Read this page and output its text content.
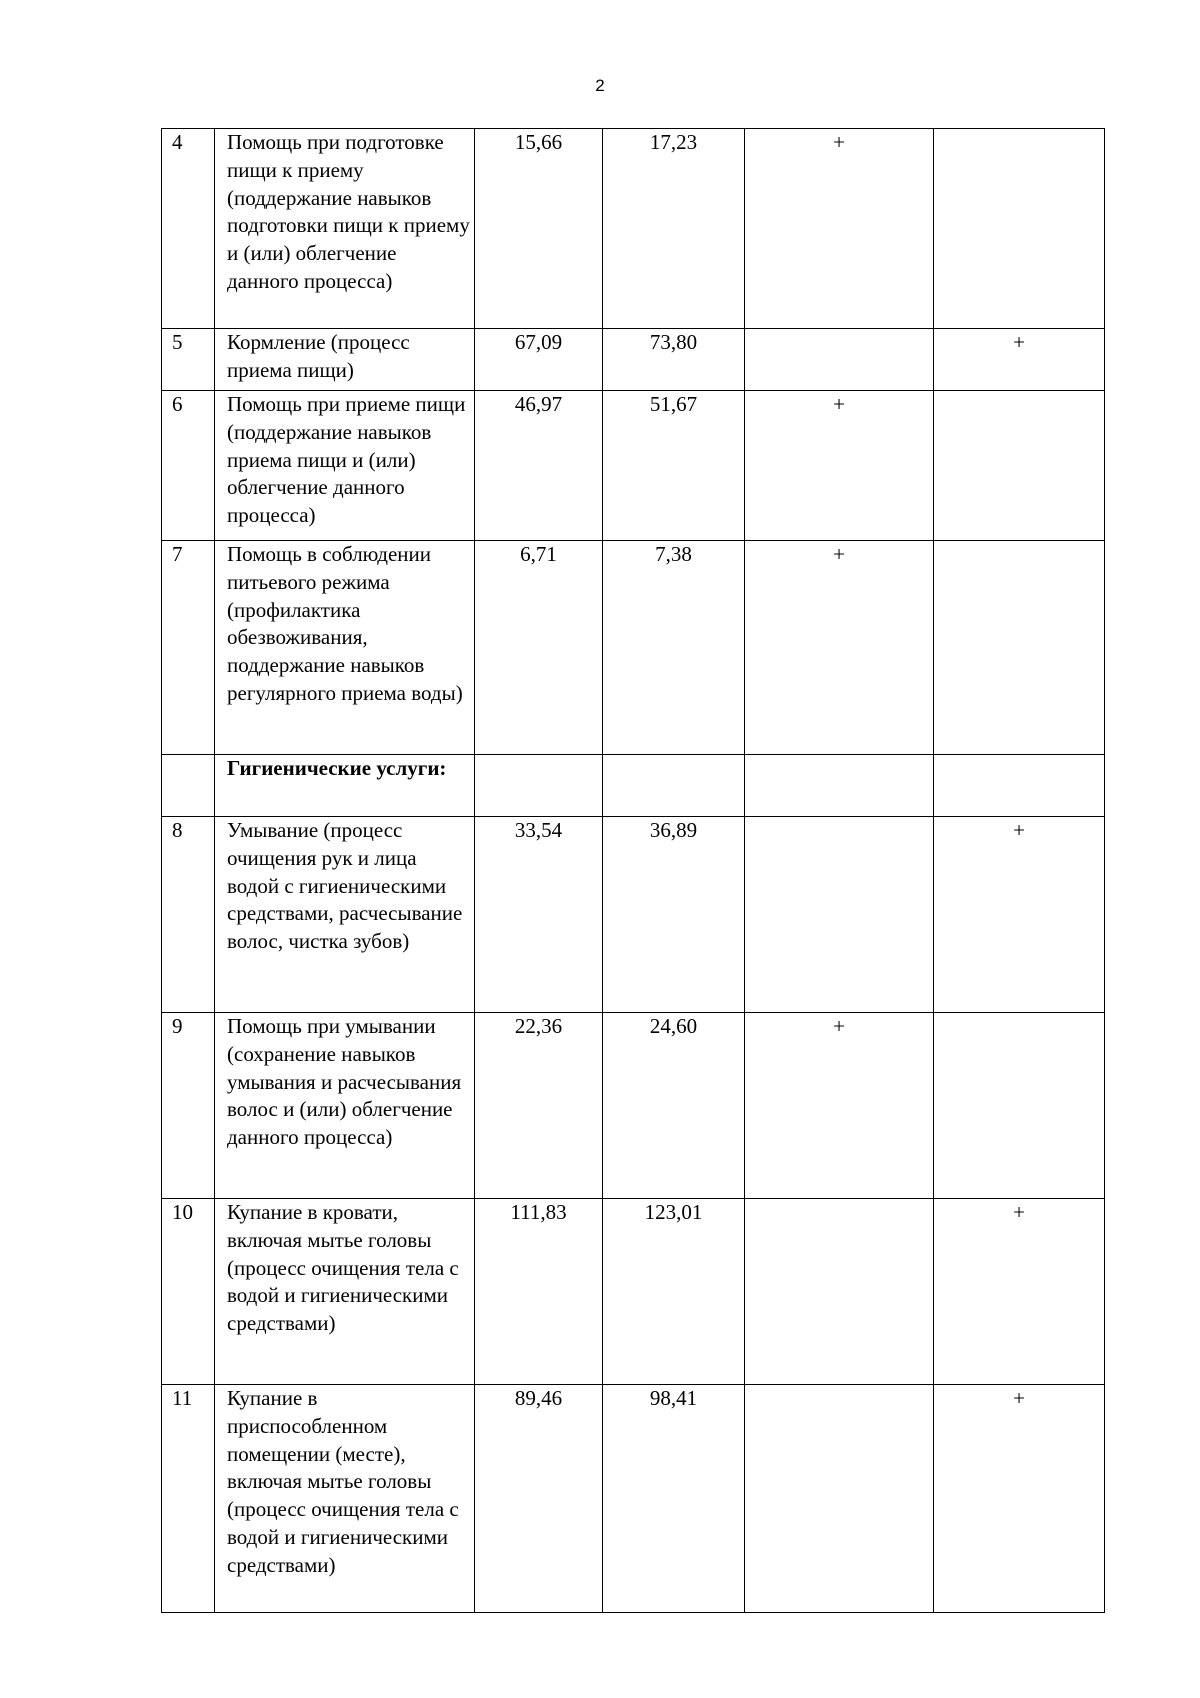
2
4	Помощь при подготовке пищи к приему (поддержание навыков подготовки пищи к приему и (или) облегчение данного процесса)	15,66	17,23	+	
5	Кормление (процесс приема пищи)	67,09	73,80		+
6	Помощь при приеме пищи (поддержание навыков приема пищи и (или) облегчение данного процесса)	46,97	51,67	+	
7	Помощь в соблюдении питьевого режима (профилактика обезвоживания, поддержание навыков регулярного приема воды)	6,71	7,38	+	
	Гигиенические услуги:				
8	Умывание (процесс очищения рук и лица водой с гигиеническими средствами, расчесывание волос, чистка зубов)	33,54	36,89		+
9	Помощь при умывании (сохранение навыков умывания и расчесывания волос и (или) облегчение данного процесса)	22,36	24,60	+	
10	Купание в кровати, включая мытье головы (процесс очищения тела с водой и гигиеническими средствами)	111,83	123,01		+
11	Купание в приспособленном помещении (месте), включая мытье головы (процесс очищения тела с водой и гигиеническими средствами)	89,46	98,41		+
